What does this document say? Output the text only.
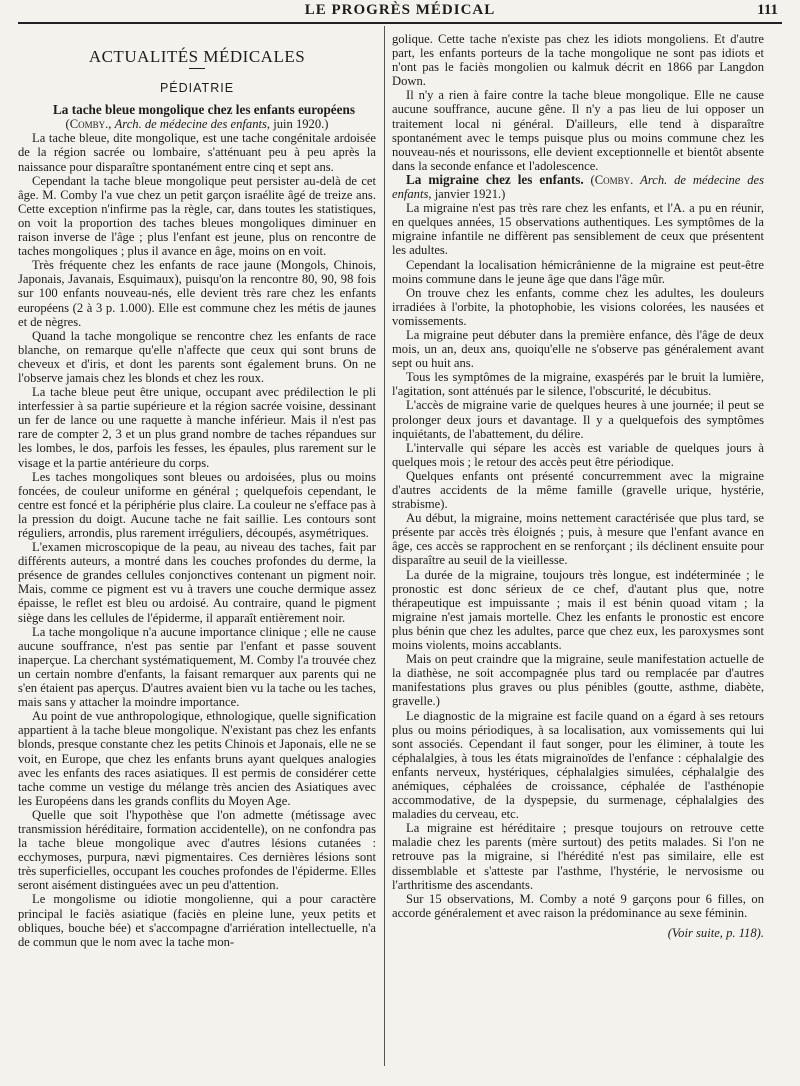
LE PROGRÈS MÉDICAL	111
ACTUALITÉS MÉDICALES
PÉDIATRIE

La tache bleue mongolique chez les enfants européens
(Comby., Arch. de médecine des enfants, juin 1920.)

La tache bleue, dite mongolique, est une tache congénitale ardoisée de la région sacrée ou lombaire, s'atténuant peu à peu après la naissance pour disparaître spontanément entre cinq et sept ans.

Cependant la tache bleue mongolique peut persister au-delà de cet âge. M. Comby l'a vue chez un petit garçon israélite âgé de treize ans. Cette exception n'infirme pas la règle, car, dans toutes les statistiques, on voit la proportion des taches bleues mongoliques diminuer en raison inverse de l'âge ; plus l'enfant est jeune, plus on rencontre de taches mongoliques ; plus il avance en âge, moins on en voit.

Très fréquente chez les enfants de race jaune (Mongols, Chinois, Japonais, Javanais, Esquimaux), puisqu'on la rencontre 80, 90, 98 fois sur 100 enfants nouveau-nés, elle devient très rare chez les enfants européens (2 à 3 p. 1.000). Elle est commune chez les métis de jaunes et de nègres.

Quand la tache mongolique se rencontre chez les enfants de race blanche, on remarque qu'elle n'affecte que ceux qui sont bruns de cheveux et d'iris, et dont les parents sont également bruns. On ne l'observe jamais chez les blonds et chez les roux.

La tache bleue peut être unique, occupant avec prédilection le pli interfessier à sa partie supérieure et la région sacrée voisine, dessinant un fer de lance ou une raquette à manche inférieur. Mais il n'est pas rare de compter 2, 3 et un plus grand nombre de taches répandues sur les lombes, le dos, parfois les fesses, les épaules, plus rarement sur le visage et la partie antérieure du corps.

Les taches mongoliques sont bleues ou ardoisées, plus ou moins foncées, de couleur uniforme en général ; quelquefois cependant, le centre est foncé et la périphérie plus claire. La couleur ne s'efface pas à la pression du doigt. Aucune tache ne fait saillie. Les contours sont réguliers, arrondis, plus rarement irréguliers, découpés, asymétriques.

L'examen microscopique de la peau, au niveau des taches, fait par différents auteurs, a montré dans les couches profondes du derme, la présence de grandes cellules conjonctives contenant un pigment noir. Mais, comme ce pigment est vu à travers une couche dermique assez épaisse, le reflet est bleu ou ardoisé. Au contraire, quand le pigment siège dans les cellules de l'épiderme, il apparaît entièrement noir.

La tache mongolique n'a aucune importance clinique ; elle ne cause aucune souffrance, n'est pas sentie par l'enfant et passe souvent inaperçue. La cherchant systématiquement, M. Comby l'a trouvée chez un certain nombre d'enfants, la faisant remarquer aux parents qui ne s'en étaient pas aperçus. D'autres avaient bien vu la tache ou les taches, mais sans y attacher la moindre importance.

Au point de vue anthropologique, ethnologique, quelle signification appartient à la tache bleue mongolique. N'existant pas chez les enfants blonds, presque constante chez les petits Chinois et Japonais, elle ne se voit, en Europe, que chez les enfants bruns ayant quelques analogies avec les enfants des races asiatiques. Il est permis de considérer cette tache comme un vestige du mélange très ancien des Asiatiques avec les Européens dans les grands conflits du Moyen Age.

Quelle que soit l'hypothèse que l'on admette (métissage avec transmission héréditaire, formation accidentelle), on ne confondra pas la tache bleue mongolique avec d'autres lésions cutanées : ecchymoses, purpura, nævi pigmentaires. Ces dernières lésions sont très superficielles, occupant les couches profondes de l'épiderme. Elles seront aisément distinguées avec un peu d'attention.

Le mongolisme ou idiotie mongolienne, qui a pour caractère principal le faciès asiatique (faciès en pleine lune, yeux petits et obliques, bouche bée) et s'accompagne d'arriération intellectuelle, n'a de commun que le nom avec la tache mon-

golique. Cette tache n'existe pas chez les idiots mongoliens. Et d'autre part, les enfants porteurs de la tache mongolique ne sont pas idiots et n'ont pas le faciès mongolien ou kalmuk décrit en 1866 par Langdon Down.

Il n'y a rien à faire contre la tache bleue mongolique. Elle ne cause aucune souffrance, aucune gêne. Il n'y a pas lieu de lui opposer un traitement local ni général. D'ailleurs, elle tend à disparaître spontanément avec le temps puisque plus ou moins commune chez les nouveau-nés et nourissons, elle devient exceptionnelle et bientôt absente dans la seconde enfance et l'adolescence.

La migraine chez les enfants. (Comby. Arch. de médecine des enfants, janvier 1921.)

La migraine n'est pas très rare chez les enfants, et l'A. a pu en réunir, en quelques années, 15 observations authentiques. Les symptômes de la migraine infantile ne diffèrent pas sensiblement de ceux que présentent les adultes.

Cependant la localisation hémicrânienne de la migraine est peut-être moins commune dans le jeune âge que dans l'âge mûr.

On trouve chez les enfants, comme chez les adultes, les douleurs irradiées à l'orbite, la photophobie, les visions colorées, les nausées et vomissements.

La migraine peut débuter dans la première enfance, dès l'âge de deux mois, un an, deux ans, quoiqu'elle ne s'observe pas généralement avant sept ou huit ans.

Tous les symptômes de la migraine, exaspérés par le bruit la lumière, l'agitation, sont atténués par le silence, l'obscurité, le décubitus.

L'accès de migraine varie de quelques heures à une journée; il peut se prolonger deux jours et davantage. Il y a quelquefois des symptômes inquiétants, de l'abattement, du délire.

L'intervalle qui sépare les accès est variable de quelques jours à quelques mois ; le retour des accès peut être périodique.

Quelques enfants ont présenté concurremment avec la migraine d'autres accidents de la même famille (gravelle urique, hystérie, strabisme).

Au début, la migraine, moins nettement caractérisée que plus tard, se présente par accès très éloignés ; puis, à mesure que l'enfant avance en âge, ces accès se rapprochent en se renforçant ; ils déclinent ensuite pour disparaître au seuil de la vieillesse.

La durée de la migraine, toujours très longue, est indéterminée ; le pronostic est donc sérieux de ce chef, d'autant plus que, notre thérapeutique est impuissante ; mais il est bénin quoad vitam ; la migraine n'est jamais mortelle. Chez les enfants le pronostic est encore plus bénin que chez les adultes, parce que chez eux, les paroxysmes sont moins violents, moins accablants.

Mais on peut craindre que la migraine, seule manifestation actuelle de la diathèse, ne soit accompagnée plus tard ou remplacée par d'autres manifestations plus graves ou plus pénibles (goutte, asthme, diabète, gravelle.)

Le diagnostic de la migraine est facile quand on a égard à ses retours plus ou moins périodiques, à sa localisation, aux vomissements qui lui sont associés. Cependant il faut songer, pour les éliminer, à toute les céphalalgies, à tous les états migrainoïdes de l'enfance : céphalalgie des enfants nerveux, hystériques, céphalalgies simulées, céphalalgie des anémiques, céphalées de croissance, céphalée de l'asthénopie accommodative, de la dyspepsie, du surmenage, céphalalgies des maladies du cerveau, etc.

La migraine est héréditaire ; presque toujours on retrouve cette maladie chez les parents (mère surtout) des petits malades. Si l'on ne retrouve pas la migraine, si l'hérédité n'est pas similaire, elle est dissemblable et s'atteste par l'asthme, l'hystérie, le nervosisme ou l'arthritisme des ascendants.

Sur 15 observations, M. Comby a noté 9 garçons pour 6 filles, on accorde généralement et avec raison la prédominance au sexe féminin.

(Voir suite, p. 118).
